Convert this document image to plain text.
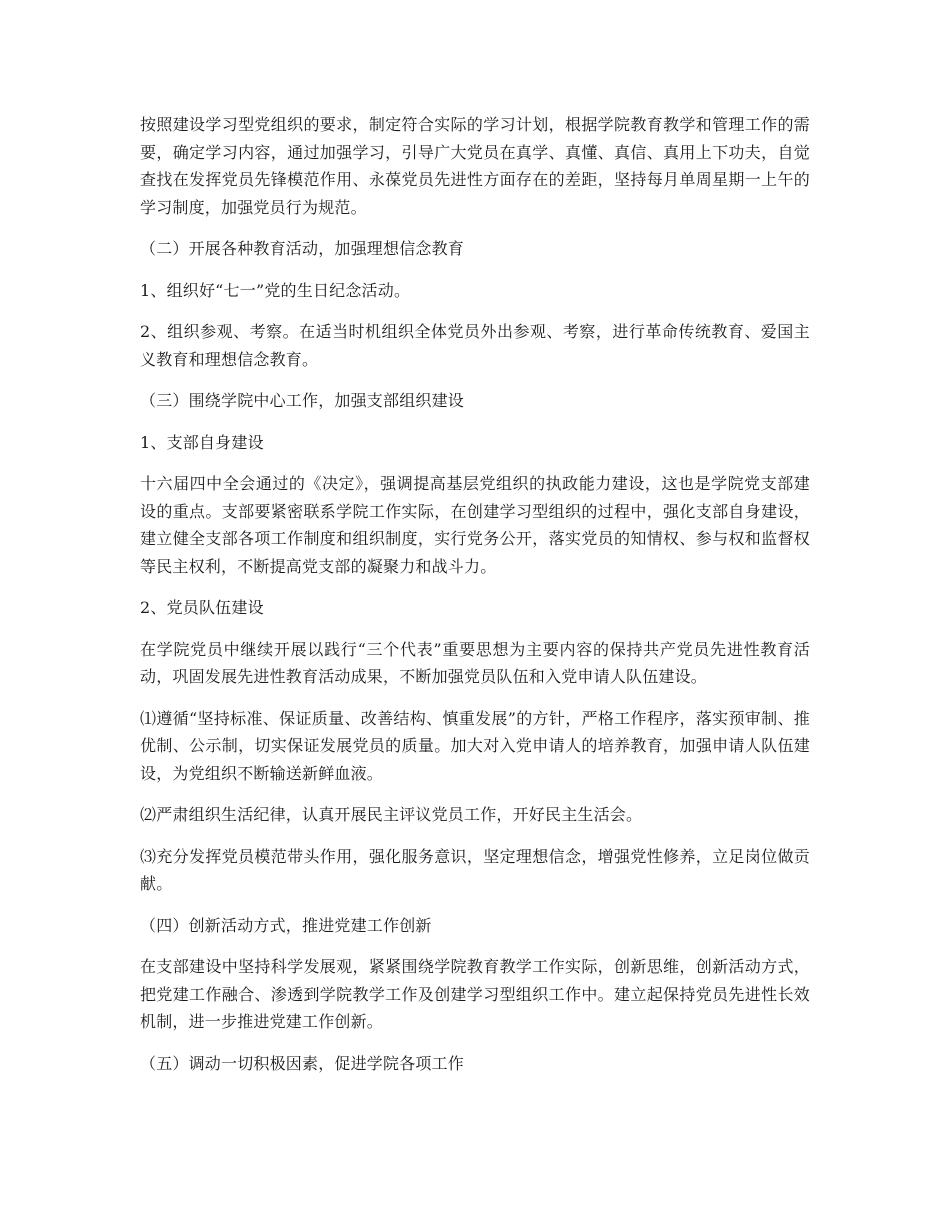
按照建设学习型党组织的要求，制定符合实际的学习计划，根据学院教育教学和管理工作的需要，确定学习内容，通过加强学习，引导广大党员在真学、真懂、真信、真用上下功夫，自觉查找在发挥党员先锋模范作用、永葆党员先进性方面存在的差距，坚持每月单周星期一上午的学习制度，加强党员行为规范。

（二）开展各种教育活动，加强理想信念教育

1、组织好“七一”党的生日纪念活动。

2、组织参观、考察。在适当时机组织全体党员外出参观、考察，进行革命传统教育、爱国主义教育和理想信念教育。

（三）围绕学院中心工作，加强支部组织建设

1、支部自身建设

十六届四中全会通过的《决定》，强调提高基层党组织的执政能力建设，这也是学院党支部建设的重点。支部要紧密联系学院工作实际，在创建学习型组织的过程中，强化支部自身建设，建立健全支部各项工作制度和组织制度，实行党务公开，落实党员的知情权、参与权和监督权等民主权利，不断提高党支部的凝聚力和战斗力。

2、党员队伍建设

在学院党员中继续开展以践行“三个代表”重要思想为主要内容的保持共产党员先进性教育活动，巩固发展先进性教育活动成果，不断加强党员队伍和入党申请人队伍建设。

⑴遵循“坚持标准、保证质量、改善结构、慎重发展”的方针，严格工作程序，落实预审制、推优制、公示制，切实保证发展党员的质量。加大对入党申请人的培养教育，加强申请人队伍建设，为党组织不断输送新鲜血液。

⑵严肃组织生活纪律，认真开展民主评议党员工作，开好民主生活会。

⑶充分发挥党员模范带头作用，强化服务意识，坚定理想信念，增强党性修养，立足岗位做贡献。

（四）创新活动方式，推进党建工作创新

在支部建设中坚持科学发展观，紧紧围绕学院教育教学工作实际，创新思维，创新活动方式，把党建工作融合、渗透到学院教学工作及创建学习型组织工作中。建立起保持党员先进性长效机制，进一步推进党建工作创新。

（五）调动一切积极因素，促进学院各项工作
